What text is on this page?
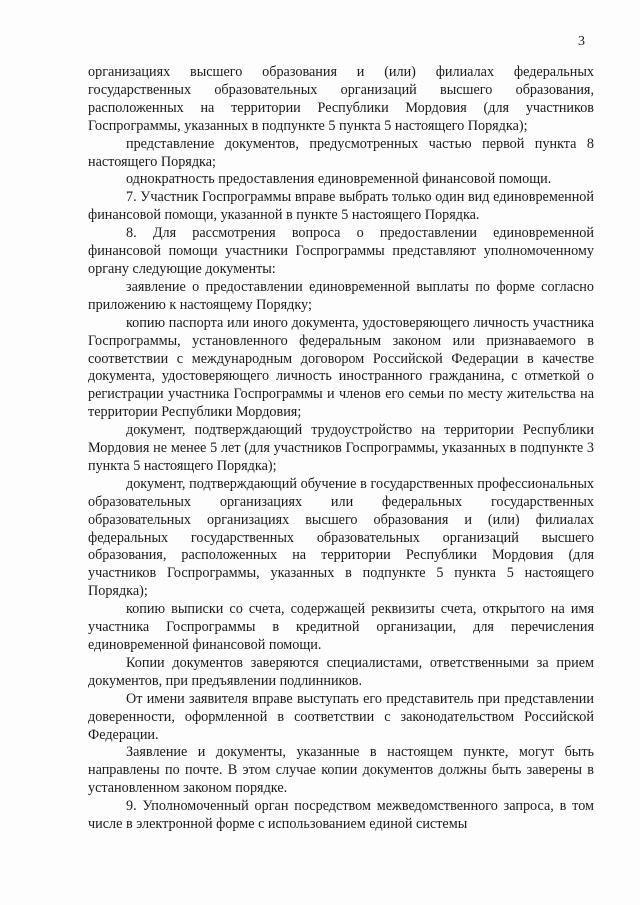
3

организациях высшего образования и (или) филиалах федеральных государственных образовательных организаций высшего образования, расположенных на территории Республики Мордовия (для участников Госпрограммы, указанных в подпункте 5 пункта 5 настоящего Порядка);

представление документов, предусмотренных частью первой пункта 8 настоящего Порядка;

однократность предоставления единовременной финансовой помощи.

7. Участник Госпрограммы вправе выбрать только один вид единовременной финансовой помощи, указанной в пункте 5 настоящего Порядка.

8. Для рассмотрения вопроса о предоставлении единовременной финансовой помощи участники Госпрограммы представляют уполномоченному органу следующие документы:

заявление о предоставлении единовременной выплаты по форме согласно приложению к настоящему Порядку;

копию паспорта или иного документа, удостоверяющего личность участника Госпрограммы, установленного федеральным законом или признаваемого в соответствии с международным договором Российской Федерации в качестве документа, удостоверяющего личность иностранного гражданина, с отметкой о регистрации участника Госпрограммы и членов его семьи по месту жительства на территории Республики Мордовия;

документ, подтверждающий трудоустройство на территории Республики Мордовия не менее 5 лет (для участников Госпрограммы, указанных в подпункте 3 пункта 5 настоящего Порядка);

документ, подтверждающий обучение в государственных профессиональных образовательных организациях или федеральных государственных образовательных организациях высшего образования и (или) филиалах федеральных государственных образовательных организаций высшего образования, расположенных на территории Республики Мордовия (для участников Госпрограммы, указанных в подпункте 5 пункта 5 настоящего Порядка);

копию выписки со счета, содержащей реквизиты счета, открытого на имя участника Госпрограммы в кредитной организации, для перечисления единовременной финансовой помощи.

Копии документов заверяются специалистами, ответственными за прием документов, при предъявлении подлинников.

От имени заявителя вправе выступать его представитель при представлении доверенности, оформленной в соответствии с законодательством Российской Федерации.

Заявление и документы, указанные в настоящем пункте, могут быть направлены по почте. В этом случае копии документов должны быть заверены в установленном законом порядке.

9. Уполномоченный орган посредством межведомственного запроса, в том числе в электронной форме с использованием единой системы
